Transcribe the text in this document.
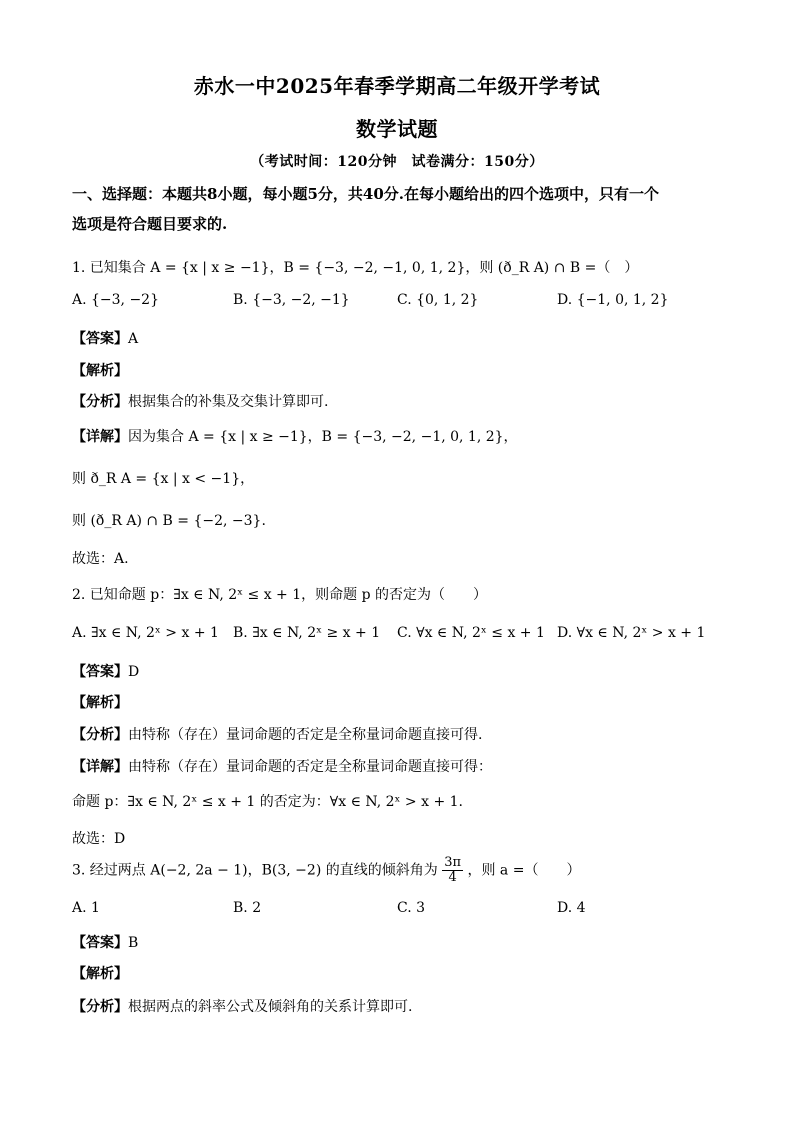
赤水一中2025年春季学期高二年级开学考试
数学试题
（考试时间：120分钟　试卷满分：150分）
一、选择题：本题共8小题，每小题5分，共40分.在每小题给出的四个选项中，只有一个
选项是符合题目要求的.
1. 已知集合 A = {x | x ≥ −1}，B = {−3, −2, −1, 0, 1, 2}，则 (ð_R A) ∩ B =（　）
A. {−3, −2}	B. {−3, −2, −1}	C. {0, 1, 2}	D. {−1, 0, 1, 2}
【答案】A
【解析】
【分析】根据集合的补集及交集计算即可.
【详解】因为集合 A = {x | x ≥ −1}，B = {−3, −2, −1, 0, 1, 2}，
则 ð_R A = {x | x < −1}，
则 (ð_R A) ∩ B = {−2, −3}.
故选：A.
2. 已知命题 p：∃x ∈ N, 2ˣ ≤ x + 1，则命题 p 的否定为（　　）
A. ∃x ∈ N, 2ˣ > x + 1 B. ∃x ∈ N, 2ˣ ≥ x + 1 C. ∀x ∈ N, 2ˣ ≤ x + 1 D. ∀x ∈ N, 2ˣ > x + 1
【答案】D
【解析】
【分析】由特称（存在）量词命题的否定是全称量词命题直接可得.
【详解】由特称（存在）量词命题的否定是全称量词命题直接可得：
命题 p：∃x ∈ N, 2ˣ ≤ x + 1 的否定为：∀x ∈ N, 2ˣ > x + 1.
故选：D
3. 经过两点 A(−2, 2a − 1)，B(3, −2) 的直线的倾斜角为 $\frac{3\pi}{4}$ ，则 a =（　　）
A. 1	B. 2	C. 3	D. 4
【答案】B
【解析】
【分析】根据两点的斜率公式及倾斜角的关系计算即可.
